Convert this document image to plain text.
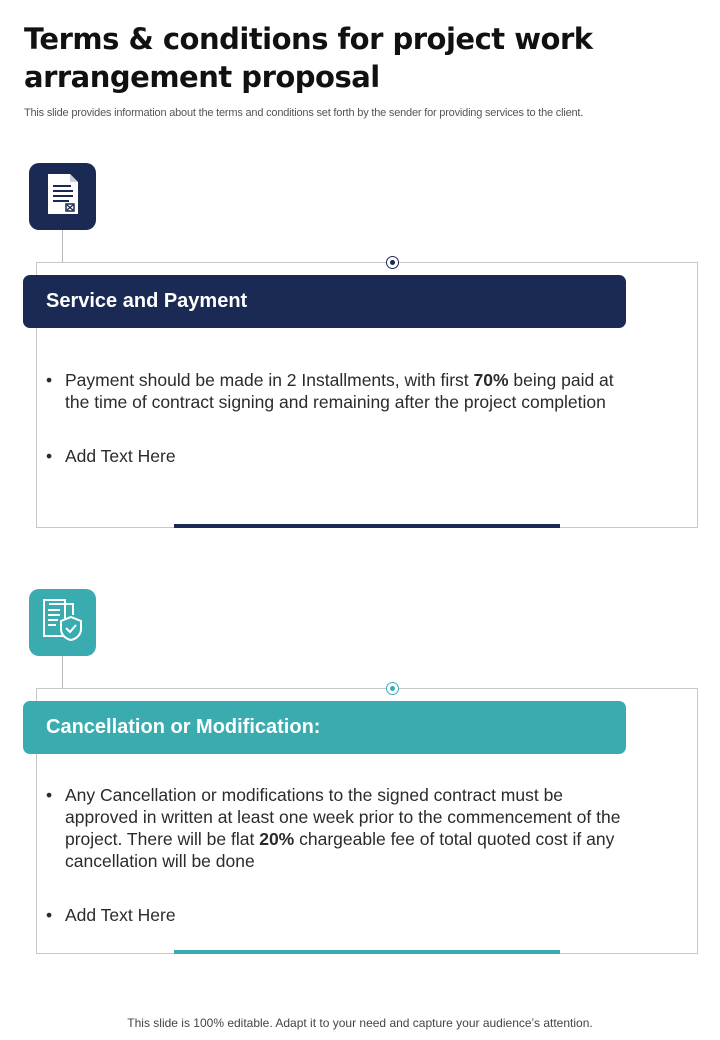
Terms & conditions for project work arrangement proposal
This slide provides information about the terms and conditions set forth by the sender for providing services to the client.
Service and Payment
• Payment should be made in 2 Installments, with first 70% being paid at the time of contract signing and remaining after the project completion
• Add Text Here
Cancellation or Modification:
• Any Cancellation or modifications to the signed contract must be approved in written at least one week prior to the commencement of the project. There will be flat 20% chargeable fee of total quoted cost if any cancellation will be done
• Add Text Here
This slide is 100% editable. Adapt it to your need and capture your audience’s attention.
